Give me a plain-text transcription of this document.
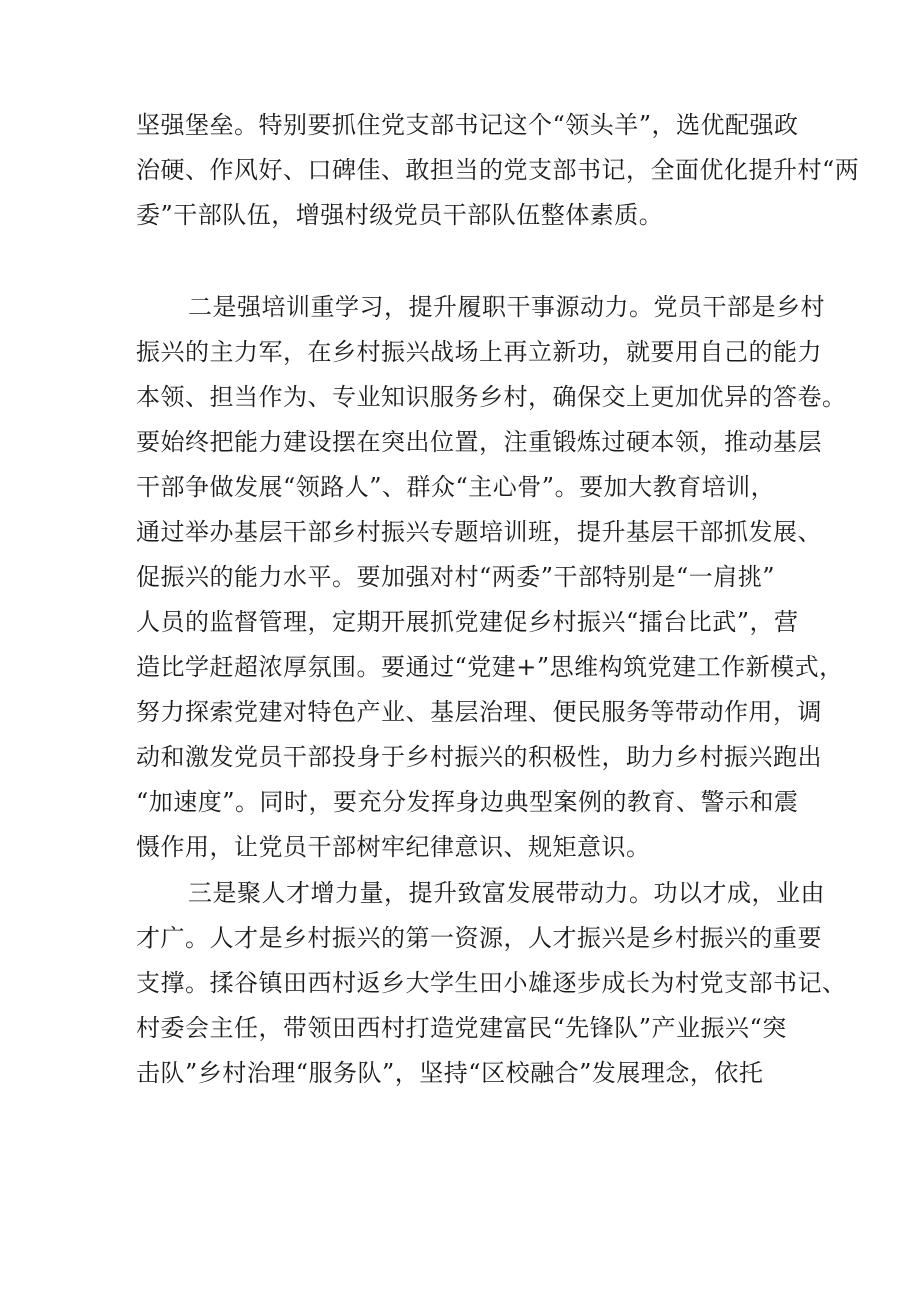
坚强堡垒。特别要抓住党支部书记这个“领头羊”，选优配强政
治硬、作风好、口碑佳、敢担当的党支部书记，全面优化提升村“两
委”干部队伍，增强村级党员干部队伍整体素质。
二是强培训重学习，提升履职干事源动力。党员干部是乡村
振兴的主力军，在乡村振兴战场上再立新功，就要用自己的能力
本领、担当作为、专业知识服务乡村，确保交上更加优异的答卷。
要始终把能力建设摆在突出位置，注重锻炼过硬本领，推动基层
干部争做发展“领路人”、群众“主心骨”。要加大教育培训，
通过举办基层干部乡村振兴专题培训班，提升基层干部抓发展、
促振兴的能力水平。要加强对村“两委”干部特别是“一肩挑”
人员的监督管理，定期开展抓党建促乡村振兴“擂台比武”，营
造比学赶超浓厚氛围。要通过“党建+”思维构筑党建工作新模式，
努力探索党建对特色产业、基层治理、便民服务等带动作用，调
动和激发党员干部投身于乡村振兴的积极性，助力乡村振兴跑出
“加速度”。同时，要充分发挥身边典型案例的教育、警示和震
慑作用，让党员干部树牢纪律意识、规矩意识。
三是聚人才增力量，提升致富发展带动力。功以才成，业由
才广。人才是乡村振兴的第一资源，人才振兴是乡村振兴的重要
支撑。揉谷镇田西村返乡大学生田小雄逐步成长为村党支部书记、
村委会主任，带领田西村打造党建富民“先锋队”产业振兴“突
击队”乡村治理“服务队”，坚持“区校融合”发展理念，依托
